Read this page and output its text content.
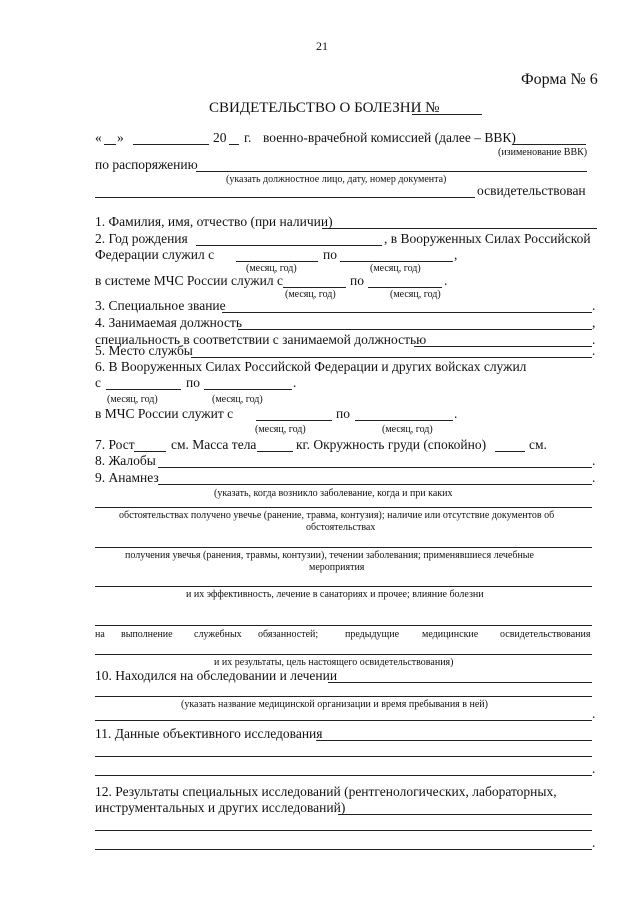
21
Форма № 6
СВИДЕТЕЛЬСТВО О БОЛЕЗНИ №
« »	20 г. военно-врачебной комиссией (далее – ВВК)
(изименование ВВК)
по распоряжению
(указать должностное лицо, дату, номер документа)
освидетельствован
1. Фамилия, имя, отчество (при наличии)
2. Год рождения	, в Вооруженных Силах Российской
Федерации служил с	по	,
(месяц, год)	(месяц, год)
в системе МЧС России служил с	по	.
(месяц, год)	(месяц, год)
3. Специальное звание	.
4. Занимаемая должность	,
специальность в соответствии с занимаемой должностью	.
5. Место службы	.
6. В Вооруженных Силах Российской Федерации и других войсках служил
с	по	.
(месяц, год)	(месяц, год)
в МЧС России служит с	по	.
(месяц, год)	(месяц, год)
7. Рост	см. Масса тела	кг. Окружность груди (спокойно)	см.
8. Жалобы	.
9. Анамнез	.
(указать, когда возникло заболевание, когда и при каких
обстоятельствах получено увечье (ранение, травма, контузия); наличие или отсутствие документов об
обстоятельствах
получения увечья (ранения, травмы, контузии), течении заболевания; применявшиеся лечебные
мероприятия
и их эффективность, лечение в санаториях и прочее; влияние болезни
на выполнение служебных обязанностей;	предыдущие медицинские освидетельствования
и их результаты, цель настоящего освидетельствования)
10. Находился на обследовании и лечении
(указать название медицинской организации и время пребывания в ней)
.
11. Данные объективного исследования
.
12. Результаты специальных исследований (рентгенологических, лабораторных,
инструментальных и других исследований)
.
